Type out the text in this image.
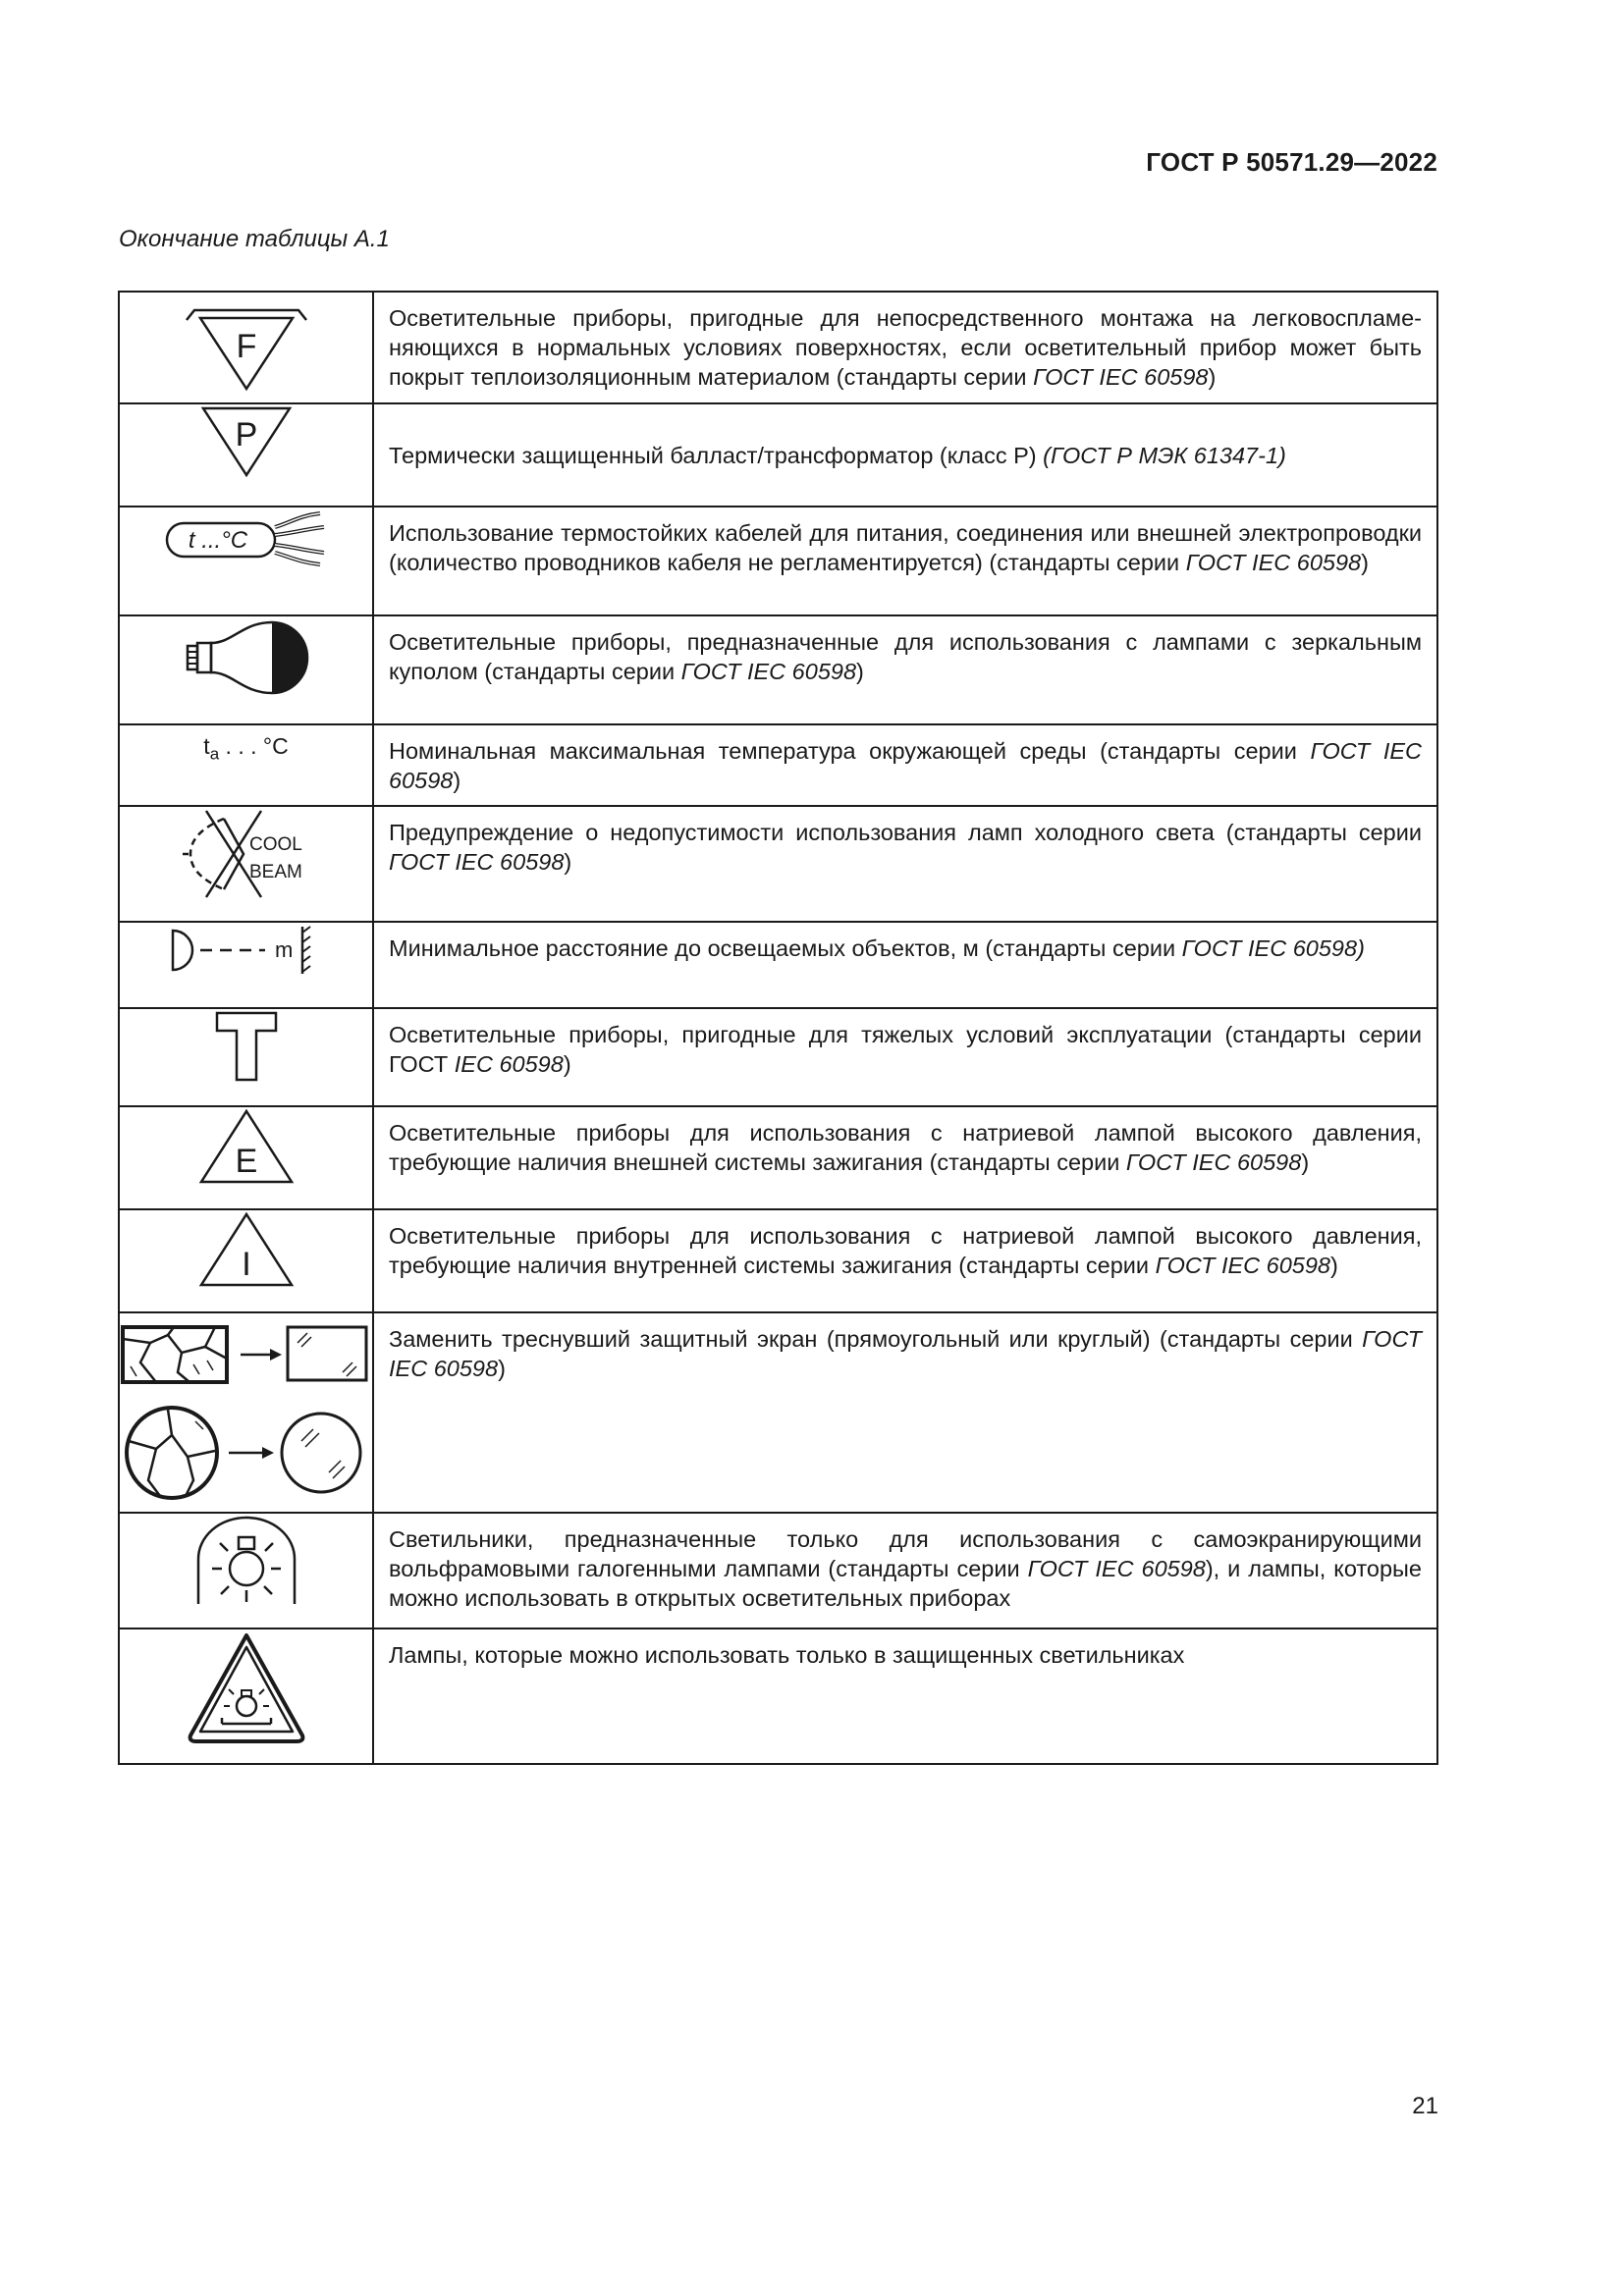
ГОСТ Р 50571.29—2022
Окончание таблицы А.1
F	Осветительные приборы, пригодные для непосредственного монтажа на легковоспламеняющихся в нормальных условиях поверхностях, если осветительный прибор может быть покрыт теплоизоляционным материалом (стандарты серии ГОСТ IEC 60598)

P	Термически защищенный балласт/трансформатор (класс Р) (ГОСТ Р МЭК 61347-1)

t ...°C	Использование термостойких кабелей для питания, соединения или внешней электропроводки (количество проводников кабеля не регламентируется) (стандарты серии ГОСТ IEC 60598)

	Осветительные приборы, предназначенные для использования с лампами с зеркальным куполом (стандарты серии ГОСТ IEC 60598)

$t_a$ . . . °C	Номинальная максимальная температура окружающей среды (стандарты серии ГОСТ IEC 60598)

COOL
BEAM	Предупреждение о недопустимости использования ламп холодного света (стандарты серии ГОСТ IEC 60598)

m	Минимальное расстояние до освещаемых объектов, м (стандарты серии ГОСТ IEC 60598)

	Осветительные приборы, пригодные для тяжелых условий эксплуатации (стандарты серии ГОСТ IEC 60598)

E	Осветительные приборы для использования с натриевой лампой высокого давления, требующие наличия внешней системы зажигания (стандарты серии ГОСТ IEC 60598)

I	Осветительные приборы для использования с натриевой лампой высокого давления, требующие наличия внутренней системы зажигания (стандарты серии ГОСТ IEC 60598)

	Заменить треснувший защитный экран (прямоугольный или круглый) (стандарты серии ГОСТ IEC 60598)

	Светильники, предназначенные только для использования с самоэкранирующими вольфрамовыми галогенными лампами (стандарты серии ГОСТ IEC 60598), и лампы, которые можно использовать в открытых осветительных приборах

	Лампы, которые можно использовать только в защищенных светильниках
21
